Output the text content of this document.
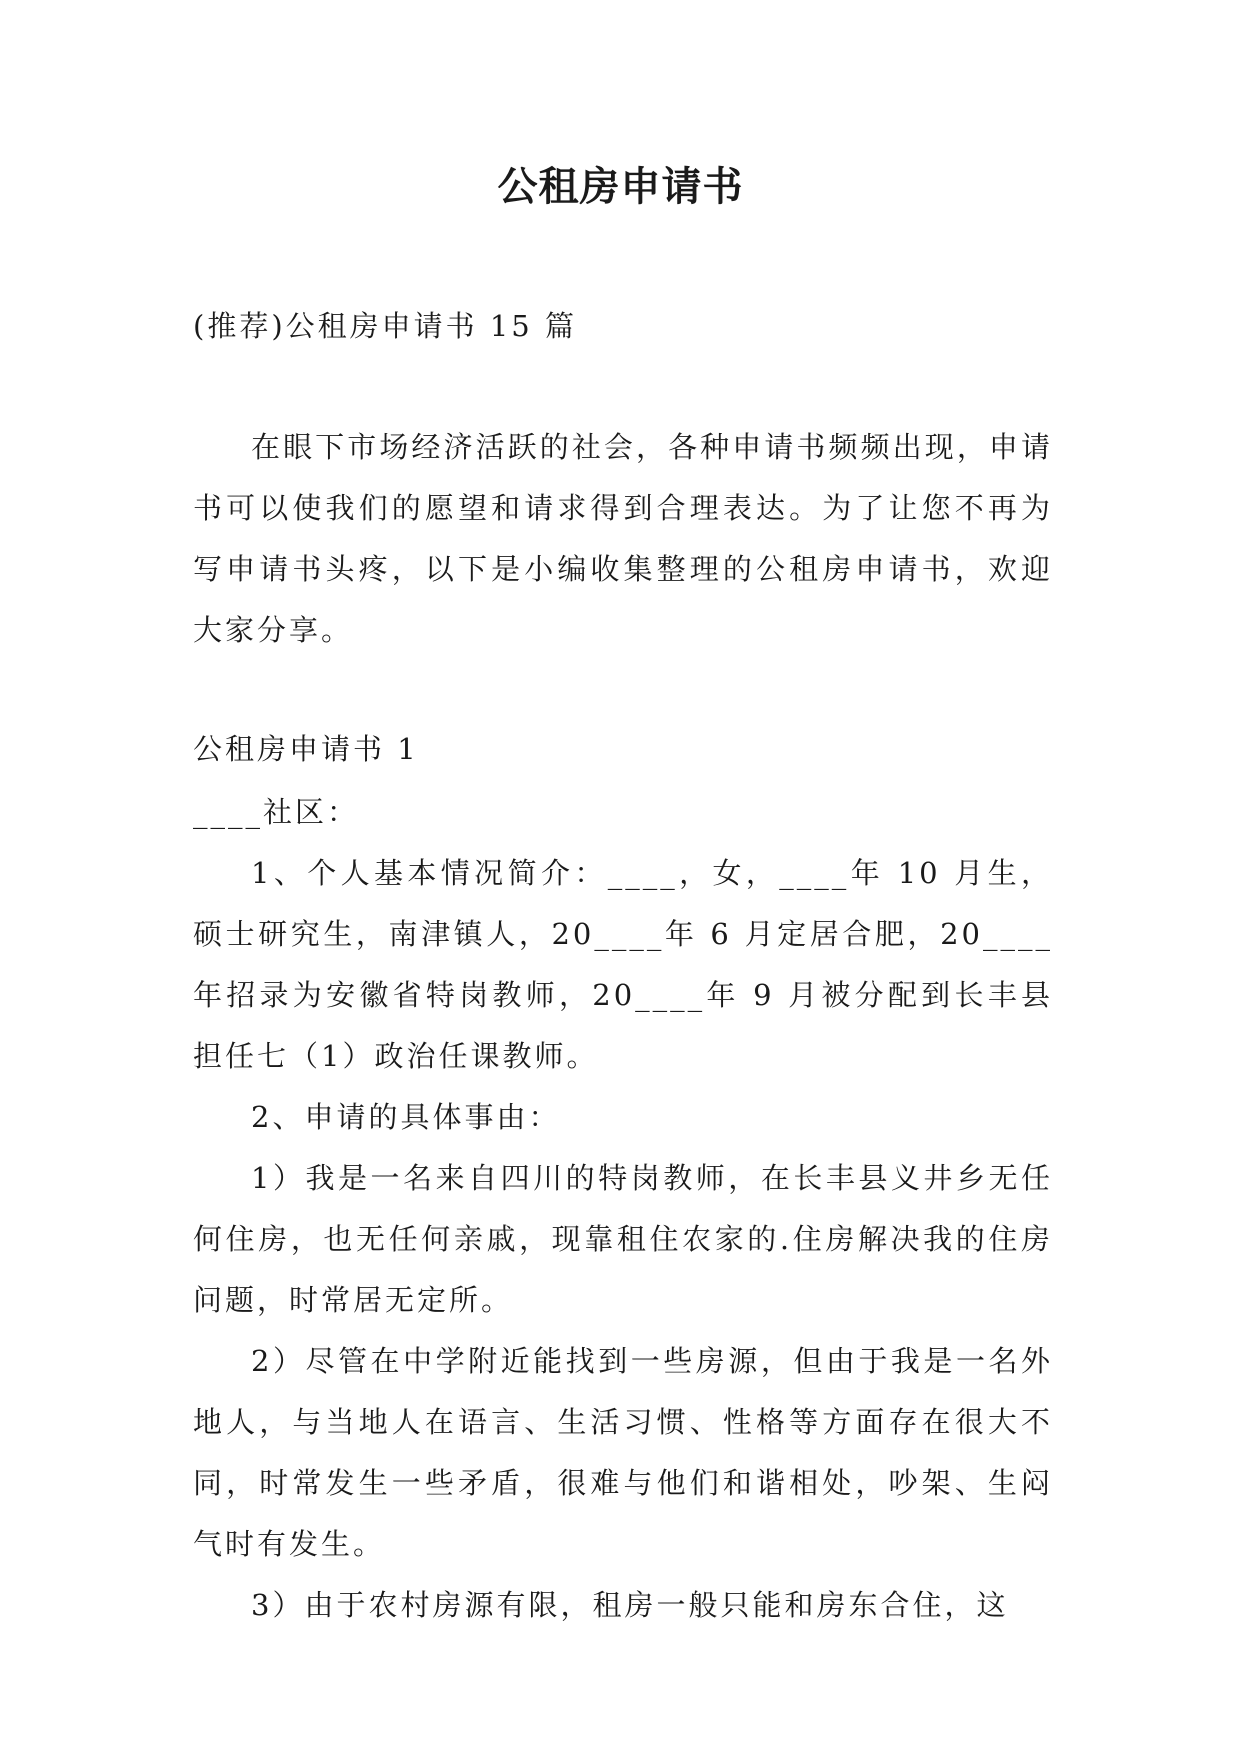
公租房申请书

(推荐)公租房申请书 15 篇

在眼下市场经济活跃的社会，各种申请书频频出现，申请书可以使我们的愿望和请求得到合理表达。为了让您不再为写申请书头疼，以下是小编收集整理的公租房申请书，欢迎大家分享。

公租房申请书 1

____社区：

1、个人基本情况简介：____，女，____年 10 月生，硕士研究生，南津镇人，20____年 6 月定居合肥，20____年招录为安徽省特岗教师，20____年 9 月被分配到长丰县担任七（1）政治任课教师。

2、申请的具体事由：

1）我是一名来自四川的特岗教师，在长丰县义井乡无任何住房，也无任何亲戚，现靠租住农家的.住房解决我的住房问题，时常居无定所。

2）尽管在中学附近能找到一些房源，但由于我是一名外地人，与当地人在语言、生活习惯、性格等方面存在很大不同，时常发生一些矛盾，很难与他们和谐相处，吵架、生闷气时有发生。

3）由于农村房源有限，租房一般只能和房东合住，这
